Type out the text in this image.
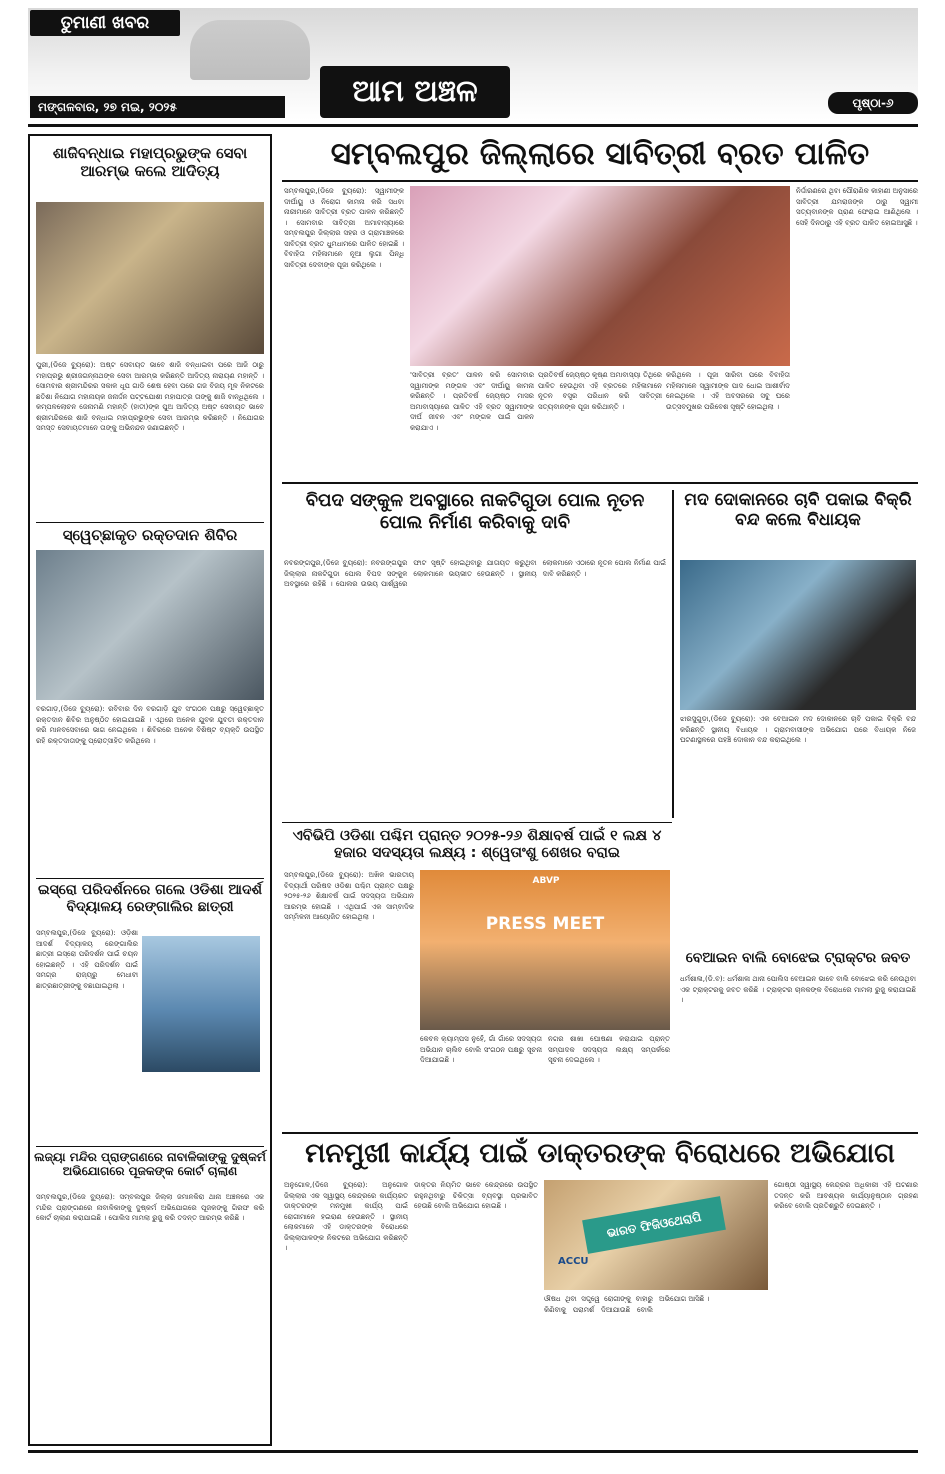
ତୁମାଣୀ ଖବର
ଆମ ଅଞ୍ଚଳ
ମଙ୍ଗଳବାର, ୨୭ ମଇ, ୨୦୨୫	ପୃଷ୍ଠା-୬
ଶାଜିବନ୍ଧାଇ ମହାପ୍ରଭୁଙ୍କ ସେବା ଆରମ୍ଭ କଲେ ଆଦିତ୍ୟ
ପୁରୀ,(ଡିଜେ ବ୍ୟୁରୋ): ଅଷ୍ଟ ସେବାୟତ ଭାବେ ଶାଜି ବନ୍ଧାଇବା ପରେ ଆଜି ଠାରୁ ମହାପ୍ରଭୁ ଶ୍ରୀଜଗନ୍ନାଥଙ୍କ ସେବା ଆରମ୍ଭ କରିଛନ୍ତି ଆଦିତ୍ୟ ନାରାୟଣ ମହାନ୍ତି । ସୋମବାର ଶ୍ରୀମନ୍ଦିରର ସକାଳ ଧୂପ ଗାଡି ଶେଷ ହେବା ପରେ ଗଜ ବିଜୟ ମୂଳ ନିକଟରେ ଛତିଶା ନିଯୋଗ ମହାନାୟକ ଜନାର୍ଦ୍ଦନ ପଟ୍ଟଯୋଶୀ ମହାପାତ୍ର ତାଙ୍କୁ ଶାଜି ବାନ୍ଧିଥିଲେ । କମ୍ପଳଲୋଚନ ଜେନାମଣି ମହାନ୍ତି (ହାତୀ)ଙ୍କ ପୁଅ ଆଦିତ୍ୟ ଅଷ୍ଟ ସେବାୟତ ଭାବେ ଶ୍ରୀମନ୍ଦିରରେ ଶାଜି ବନ୍ଧାଇ ମହାପ୍ରଭୁଙ୍କ ସେବା ଆରମ୍ଭ କରିଛନ୍ତି । ନିଯୋଗର ସମସ୍ତ ସେବାୟତମାନେ ତାଙ୍କୁ ଅଭିନନ୍ଦନ ଜଣାଇଛନ୍ତି ।
ସ୍ୱେଚ୍ଛାକୃତ ରକ୍ତଦାନ ଶିବିର
ବରଗାଡ଼,(ଡିଜେ ବ୍ୟୁରୋ): ରବିବାର ଦିନ ବରଗାଡ଼ି ଯୁବ ସଂଗଠନ ପକ୍ଷରୁ ସ୍ୱେଚ୍ଛାକୃତ ରକ୍ତଦାନ ଶିବିର ଅନୁଷ୍ଠିତ ହୋଇଯାଇଛି । ଏଥିରେ ଅନେକ ଯୁବକ ଯୁବତୀ ରକ୍ତଦାନ କରି ମାନବସେବାରେ ଭାଗ ନେଇଥିଲେ । ଶିବିରରେ ଅନେକ ବିଶିଷ୍ଟ ବ୍ୟକ୍ତି ଉପସ୍ଥିତ ରହି ରକ୍ତଦାତାଙ୍କୁ ପ୍ରୋତ୍ସାହିତ କରିଥିଲେ ।
ଇସ୍ରୋ ପରିଦର୍ଶନରେ ଗଲେ ଓଡିଶା ଆଦର୍ଶ ବିଦ୍ୟାଳୟ ରେଙ୍ଗାଲିର ଛାତ୍ରୀ
ସମ୍ବଲପୁର,(ଡିଜେ ବ୍ୟୁରୋ): ଓଡ଼ିଶା ଆଦର୍ଶ ବିଦ୍ୟାଳୟ ରେଙ୍ଗାଲିର ଛାତ୍ରୀ ଇସ୍ରୋ ପରିଦର୍ଶନ ପାଇଁ ଚୟନ ହୋଇଛନ୍ତି । ଏହି ପରିଦର୍ଶନ ପାଇଁ ସମଗ୍ର ରାଜ୍ୟରୁ ମେଧାବୀ ଛାତ୍ରଛାତ୍ରୀଙ୍କୁ ବଛାଯାଇଥିଲା ।
ଲଜ୍ୟା ମନ୍ଦିର ପ୍ରାଙ୍ଗଣରେ ନାବାଳିକାଙ୍କୁ ଦୁଷ୍କର୍ମ ଅଭିଯୋଗରେ ପୂଜକଙ୍କ କୋର୍ଟ ଚାଲାଣ
ସମ୍ବଲପୁର,(ଡିଜେ ବ୍ୟୁରୋ): ସମ୍ବଲପୁର ଜିଲ୍ଲା ଜମାନକିରା ଥାନା ଅଞ୍ଚଳରେ ଏକ ମନ୍ଦିର ପ୍ରାଙ୍ଗଣରେ ନାବାଳିକାଙ୍କୁ ଦୁଷ୍କର୍ମ ଅଭିଯୋଗରେ ପୂଜକଙ୍କୁ ଗିରଫ କରି କୋର୍ଟ ଚାଲାଣ କରାଯାଇଛି । ପୋଲିସ ମାମଲା ରୁଜୁ କରି ତଦନ୍ତ ଆରମ୍ଭ କରିଛି ।
ସମ୍ବଲପୁର ଜିଲ୍ଲାରେ ସାବିତ୍ରୀ ବ୍ରତ ପାଳିତ
ସମ୍ବଲପୁର,(ଡିଜେ ବ୍ୟୁରୋ): ସ୍ୱାମୀଙ୍କ ଦୀର୍ଘାୟୁ ଓ ନିରୋଗ କାମନା କରି ସଧବା ନାରୀମାନେ ସାବିତ୍ରୀ ବ୍ରତ ପାଳନ କରିଛନ୍ତି । ସୋମବାର ସାବିତ୍ରୀ ଅମାବାସ୍ୟାରେ ସମ୍ବଲପୁର ଜିଲ୍ଲାର ସହର ଓ ଗ୍ରାମାଞ୍ଚଳରେ ସାବିତ୍ରୀ ବ୍ରତ ଧୁମଧାମରେ ପାଳିତ ହୋଇଛି । ବିବାହିତା ମହିଳାମାନେ ନୂଆ ଲୁଗା ପିନ୍ଧି ସାବିତ୍ରୀ ଦେବୀଙ୍କ ପୂଜା କରିଥିଲେ ।
'ସାବିତ୍ରୀ ବ୍ରତ' ପାଳନ କରି ସୋମବାର ସ୍ୱାମୀଙ୍କ ମଙ୍ଗଳ ଏବଂ ଦୀର୍ଘାୟୁ କାମନା କରିଛନ୍ତି । ପ୍ରତିବର୍ଷ ଜ୍ୟେଷ୍ଠ ମାସର ଅମାବାସ୍ୟାରେ ପାଳିତ ଏହି ବ୍ରତ ସ୍ୱାମୀଙ୍କ ଦୀର୍ଘ ଜୀବନ ଏବଂ ମଙ୍ଗଳ ପାଇଁ ପାଳନ କରାଯାଏ ।
ପ୍ରତିବର୍ଷ ଜ୍ୟେଷ୍ଠ କୃଷ୍ଣ ଅମାବାସ୍ୟା ତିଥିରେ ପାଳିତ ହେଉଥିବା ଏହି ବ୍ରତରେ ମହିଳାମାନେ ନୂତନ ବସ୍ତ୍ର ପରିଧାନ କରି ସାବିତ୍ରୀ ସତ୍ୟବାନଙ୍କ ପୂଜା କରିଥାନ୍ତି ।
କରିଥିଲେ । ପୂଜା ସାରିବା ପରେ ବିବାହିତା ମହିଳାମାନେ ସ୍ୱାମୀଙ୍କ ପାଦ ଧୋଇ ଆଶୀର୍ବାଦ ନେଇଥିଲେ । ଏହି ଅବସରରେ ସବୁ ଘରେ ଉତ୍ସବମୁଖର ପରିବେଶ ସୃଷ୍ଟି ହୋଇଥିଲା ।
ନିର୍ଦ୍ଦାରଣରେ ଥିବା ପୌରାଣିକ କାହାଣୀ ଅନୁସାରେ ସାବିତ୍ରୀ ଯମରାଜଙ୍କ ଠାରୁ ସ୍ୱାମୀ ସତ୍ୟବାନଙ୍କ ପ୍ରାଣ ଫେରାଇ ଆଣିଥିଲେ । ସେହି ଦିନଠାରୁ ଏହି ବ୍ରତ ପାଳିତ ହୋଇଆସୁଛି ।
ବିପଦ ସଙ୍କୁଳ ଅବସ୍ଥାରେ ନାକଟିଗୁଡା ପୋଲ ନୂତନ ପୋଲ ନିର୍ମାଣ କରିବାକୁ ଦାବି
ନବରଙ୍ଗପୁର,(ଡିଜେ ବ୍ୟୁରୋ): ନବରଙ୍ଗପୁର ଜିଲ୍ଲାର ନାକଟିଗୁଡା ପୋଲ ବିପଦ ସଙ୍କୁଳ ଅବସ୍ଥାରେ ରହିଛି । ପୋଲର ଉଭୟ ପାର୍ଶ୍ୱରେ ଫାଟ ସୃଷ୍ଟି ହୋଇଥିବାରୁ ଯାତାୟତ କରୁଥିବା ଲୋକମାନେ ଭୟଭୀତ ହେଉଛନ୍ତି । ସ୍ଥାନୀୟ ଲୋକମାନେ ଏଠାରେ ନୂତନ ପୋଲ ନିର୍ମାଣ ପାଇଁ ଦାବି କରିଛନ୍ତି ।
ମଦ ଦୋକାନରେ ଚାବି ପକାଇ ବିକ୍ରି ବନ୍ଦ କଲେ ବିଧାୟକ
ଝାରସୁଗୁଡ଼ା,(ଡିଜେ ବ୍ୟୁରୋ): ଏକ ବେଆଇନ ମଦ ଦୋକାନରେ ଚାବି ପକାଇ ବିକ୍ରି ବନ୍ଦ କରିଛନ୍ତି ସ୍ଥାନୀୟ ବିଧାୟକ । ଗ୍ରାମବାସୀଙ୍କ ଅଭିଯୋଗ ପରେ ବିଧାୟକ ନିଜେ ଘଟଣାସ୍ଥଳରେ ପହଞ୍ଚି ଦୋକାନ ବନ୍ଦ କରାଇଥିଲେ ।
ବେଆଇନ ବାଲି ବୋଝେଇ ଟ୍ରାକ୍ଟର ଜବତ
ଧର୍ମଶାଳା,(ଡି.ବ): ଧର୍ମଶାଳା ଥାନା ପୋଲିସ ବେଆଇନ ଭାବେ ବାଲି ବୋଝେଇ କରି ନେଉଥିବା ଏକ ଟ୍ରାକ୍ଟରକୁ ଜବତ କରିଛି । ଟ୍ରାକ୍ଟର ଚାଳକଙ୍କ ବିରୋଧରେ ମାମଲା ରୁଜୁ କରାଯାଇଛି ।
ଏବିଭିପି ଓଡିଶା ପଶ୍ଚିମ ପ୍ରାନ୍ତ ୨୦୨୫-୨୬ ଶିକ୍ଷାବର୍ଷ ପାଇଁ ୧ ଲକ୍ଷ ୪ ହଜାର ସଦସ୍ୟତା ଲକ୍ଷ୍ୟ : ଶ୍ୱେତାଂଶୁ ଶେଖର ବରାଇ
ସମ୍ବଲପୁର,(ଡିଜେ ବ୍ୟୁରୋ): ଅଖିଳ ଭାରତୀୟ ବିଦ୍ୟାର୍ଥୀ ପରିଷଦ ଓଡିଶା ପଶ୍ଚିମ ପ୍ରାନ୍ତ ପକ୍ଷରୁ ୨୦୨୫-୨୬ ଶିକ୍ଷାବର୍ଷ ପାଇଁ ସଦସ୍ୟତା ଅଭିଯାନ ଆରମ୍ଭ ହୋଇଛି । ଏଥିପାଇଁ ଏକ ସାମ୍ବାଦିକ ସମ୍ମିଳନୀ ଆୟୋଜିତ ହୋଇଥିଲା ।
ABVP
PRESS MEET
କେବଳ କ୍ୟାମ୍ପସ ନୁହେଁ, ଗାଁ ଗାଁରେ ସଦସ୍ୟତା ଅଭିଯାନ ଚାଲିବ ବୋଲି ସଂଗଠନ ପକ୍ଷରୁ ସୂଚନା ଦିଆଯାଇଛି ।
ନଗର ଶାଖା ଘୋଷଣା କରାଯାଇ ପ୍ରାନ୍ତ ସମ୍ପାଦକ ସଦସ୍ୟତା ଲକ୍ଷ୍ୟ ସମ୍ପର୍କରେ ସୂଚନା ଦେଇଥିଲେ ।
ମନମୁଖୀ କାର୍ଯ୍ୟ ପାଇଁ ଡାକ୍ତରଙ୍କ ବିରୋଧରେ ଅଭିଯୋଗ
ଅନୁଗୋଳ,(ଡିଜେ ବ୍ୟୁରୋ): ଅନୁଗୋଳ ଜିଲ୍ଲାର ଏକ ସ୍ୱାସ୍ଥ୍ୟ କେନ୍ଦ୍ରରେ କାର୍ଯ୍ୟରତ ଡାକ୍ତରଙ୍କ ମନମୁଖୀ କାର୍ଯ୍ୟ ପାଇଁ ରୋଗୀମାନେ ହଇରାଣ ହେଉଛନ୍ତି । ସ୍ଥାନୀୟ ଲୋକମାନେ ଏହି ଡାକ୍ତରଙ୍କ ବିରୋଧରେ ଜିଲ୍ଲାପାଳଙ୍କ ନିକଟରେ ଅଭିଯୋଗ କରିଛନ୍ତି ।
ଡାକ୍ତର ନିୟମିତ ଭାବେ କେନ୍ଦ୍ରରେ ଉପସ୍ଥିତ ରହୁନଥିବାରୁ ଚିକିତ୍ସା ବ୍ୟବସ୍ଥା ପ୍ରଭାବିତ ହେଉଛି ବୋଲି ଅଭିଯୋଗ ହୋଇଛି ।
ଭାରତ ଫିଜିଓଥେରାପି
ACCU
ଔଷଧ ଥିବା ସତ୍ତ୍ୱେ ରୋଗୀଙ୍କୁ ବାହାରୁ କିଣିବାକୁ ପରାମର୍ଶ ଦିଆଯାଉଛି ବୋଲି ଅଭିଯୋଗ ଆସିଛି ।
ଗୋଷ୍ଠୀ ସ୍ୱାସ୍ଥ୍ୟ କେନ୍ଦ୍ରର ଅଧିକାରୀ ଏହି ଘଟଣାର ତଦନ୍ତ କରି ଆବଶ୍ୟକ କାର୍ଯ୍ୟାନୁଷ୍ଠାନ ଗ୍ରହଣ କରିବେ ବୋଲି ପ୍ରତିଶ୍ରୁତି ଦେଇଛନ୍ତି ।
